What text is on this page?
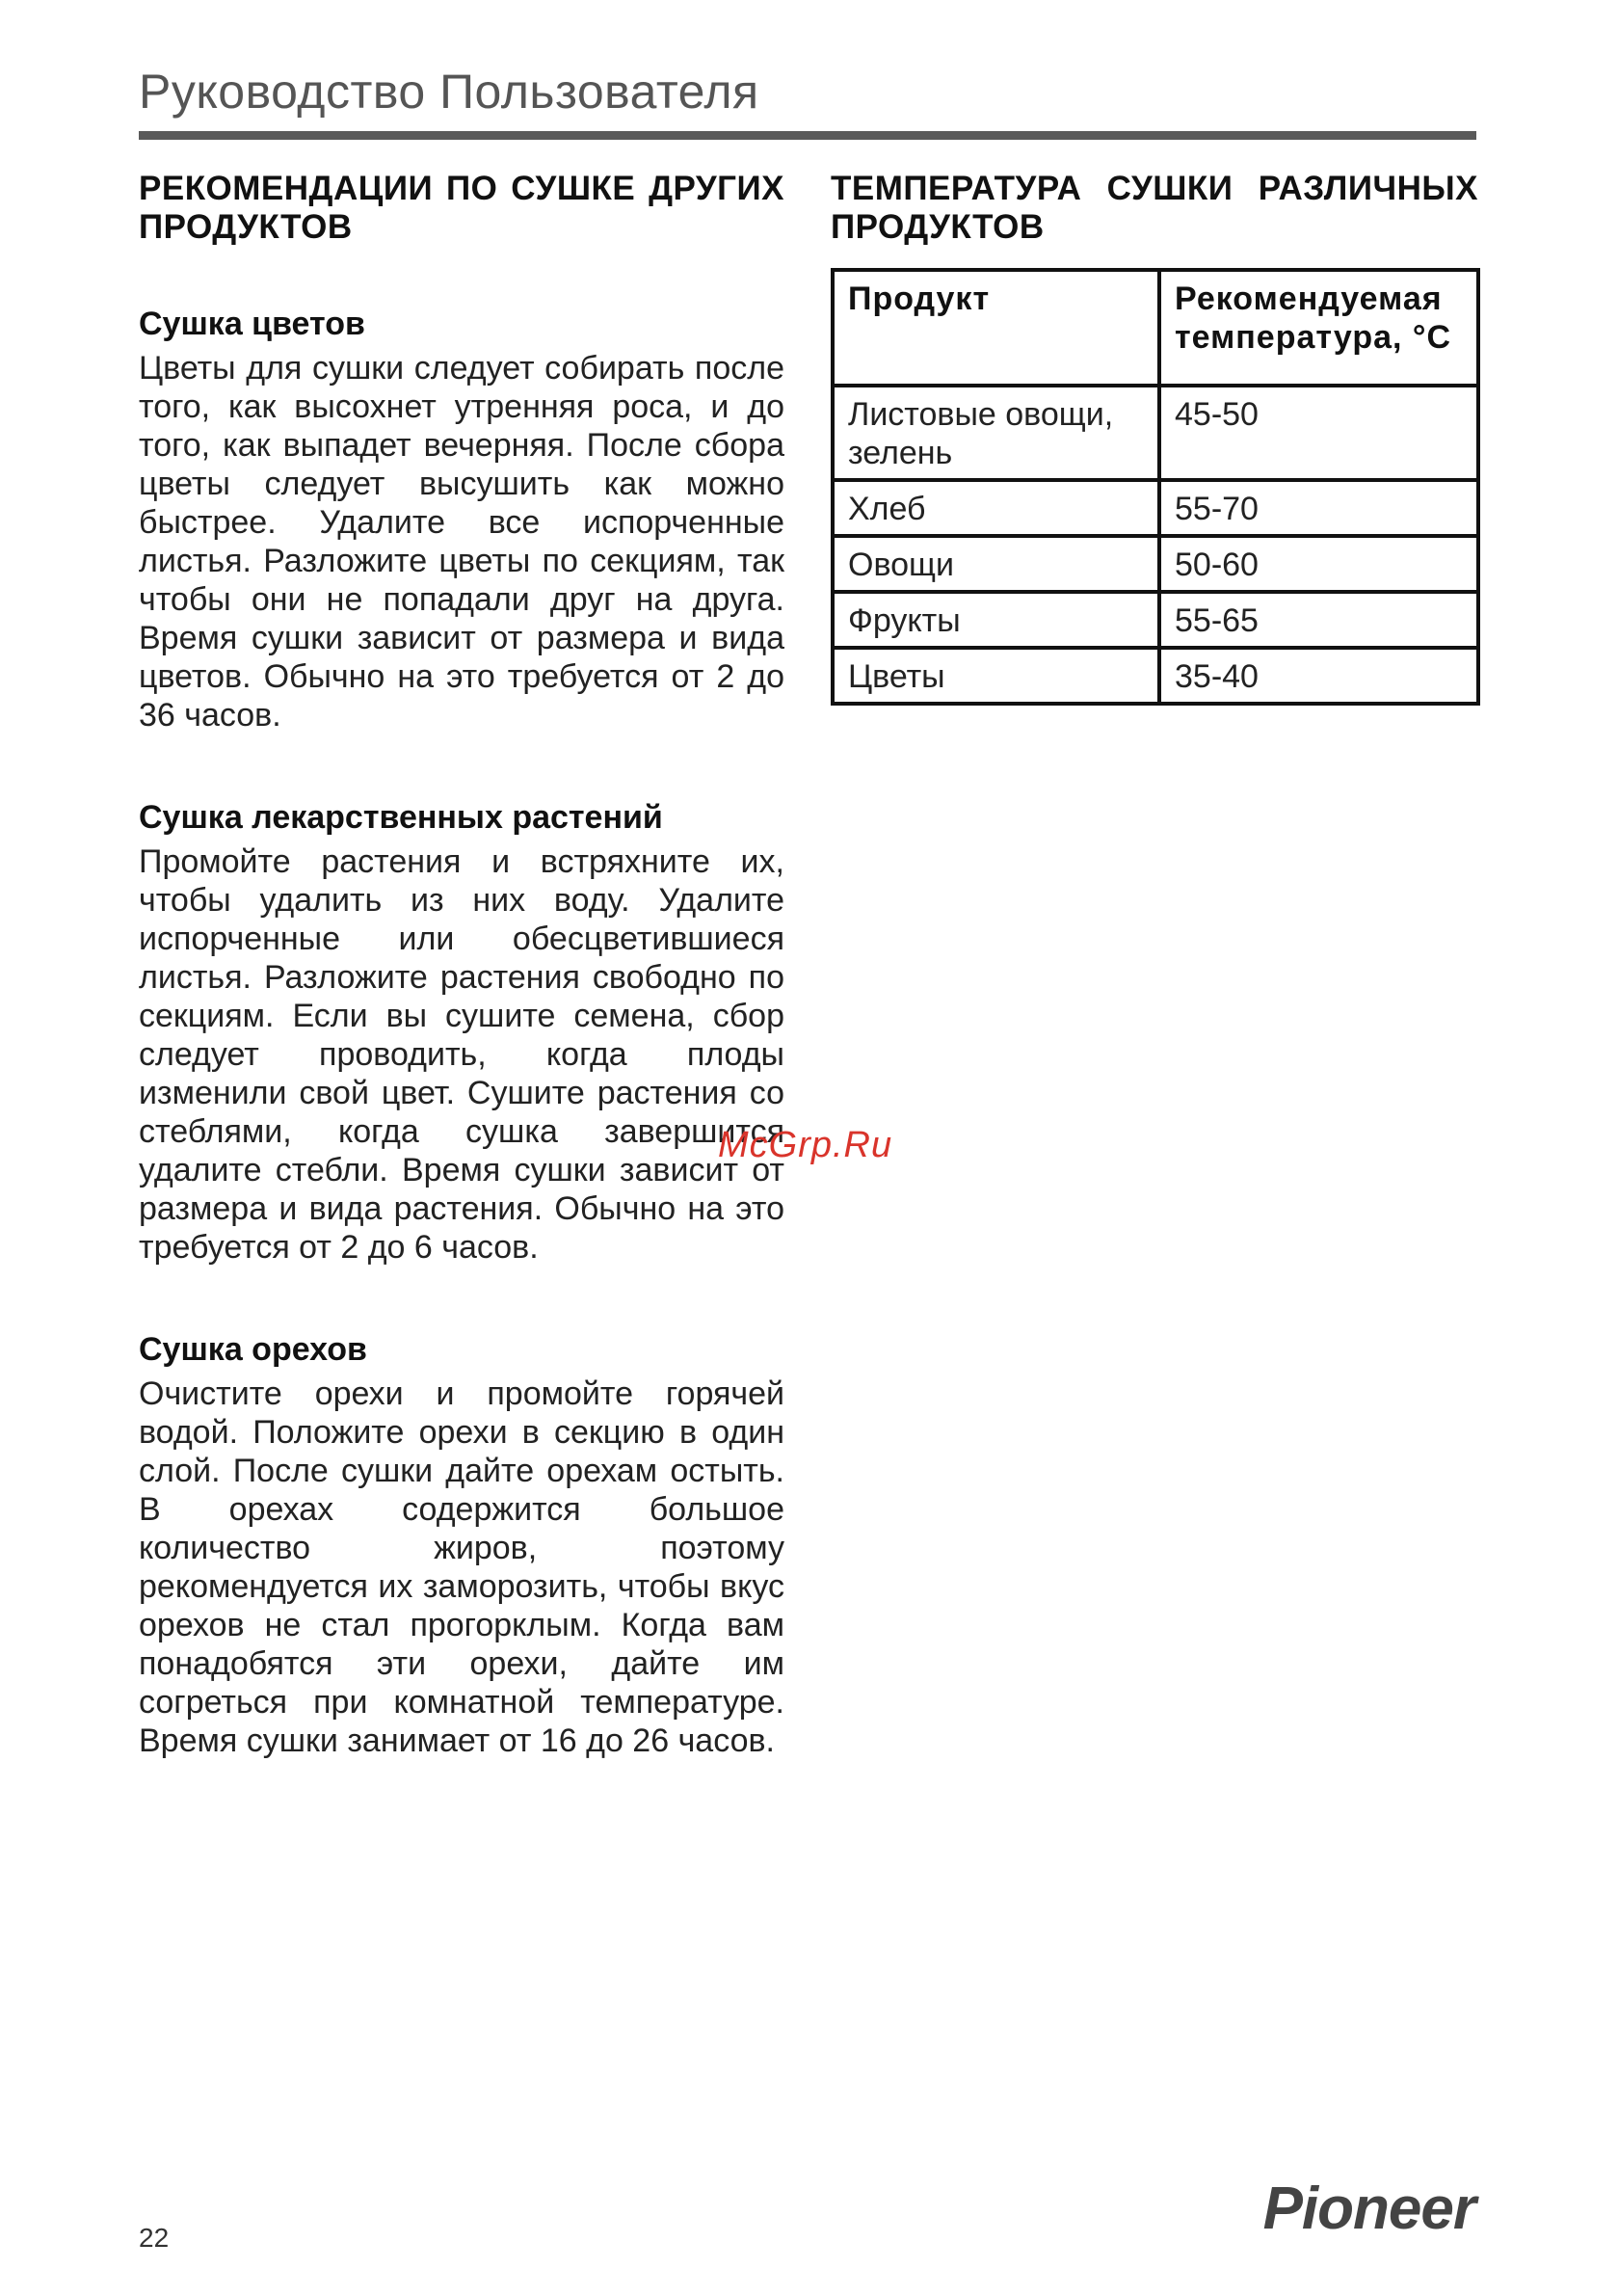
Руководство Пользователя
РЕКОМЕНДАЦИИ ПО СУШКЕ ДРУГИХ ПРОДУКТОВ
Сушка цветов

Цветы для сушки следует собирать после того, как высохнет утренняя роса, и до того, как выпадет вечерняя. После сбора цветы следует высушить как можно быстрее. Удалите все испорченные листья. Разложите цветы по секциям, так чтобы они не попадали друг на друга. Время сушки зависит от размера и вида цветов. Обычно на это требуется от 2 до 36 часов.

Сушка лекарственных растений

Промойте растения и встряхните их, чтобы удалить из них воду. Удалите испорченные или обесцветившиеся листья. Разложите растения свободно по секциям. Если вы сушите семена, сбор следует проводить, когда плоды изменили свой цвет. Сушите растения со стеблями, когда сушка завершится удалите стебли. Время сушки зависит от размера и вида растения. Обычно на это требуется от 2 до 6 часов.

Сушка орехов

Очистите орехи и промойте горячей водой. Положите орехи в секцию в один слой. После сушки дайте орехам остыть. В орехах содержится большое количество жиров, поэтому рекомендуется их заморозить, чтобы вкус орехов не стал прогорклым. Когда вам понадобятся эти орехи, дайте им согреться при комнатной температуре. Время сушки занимает от 16 до 26 часов.

ТЕМПЕРАТУРА СУШКИ РАЗЛИЧНЫХ ПРОДУКТОВ
Продукт	Рекомендуемая температура, °С
Листовые овощи, зелень	45-50
Хлеб	55-70
Овощи	50-60
Фрукты	55-65
Цветы	35-40
McGrp.Ru
22	Pioneer
